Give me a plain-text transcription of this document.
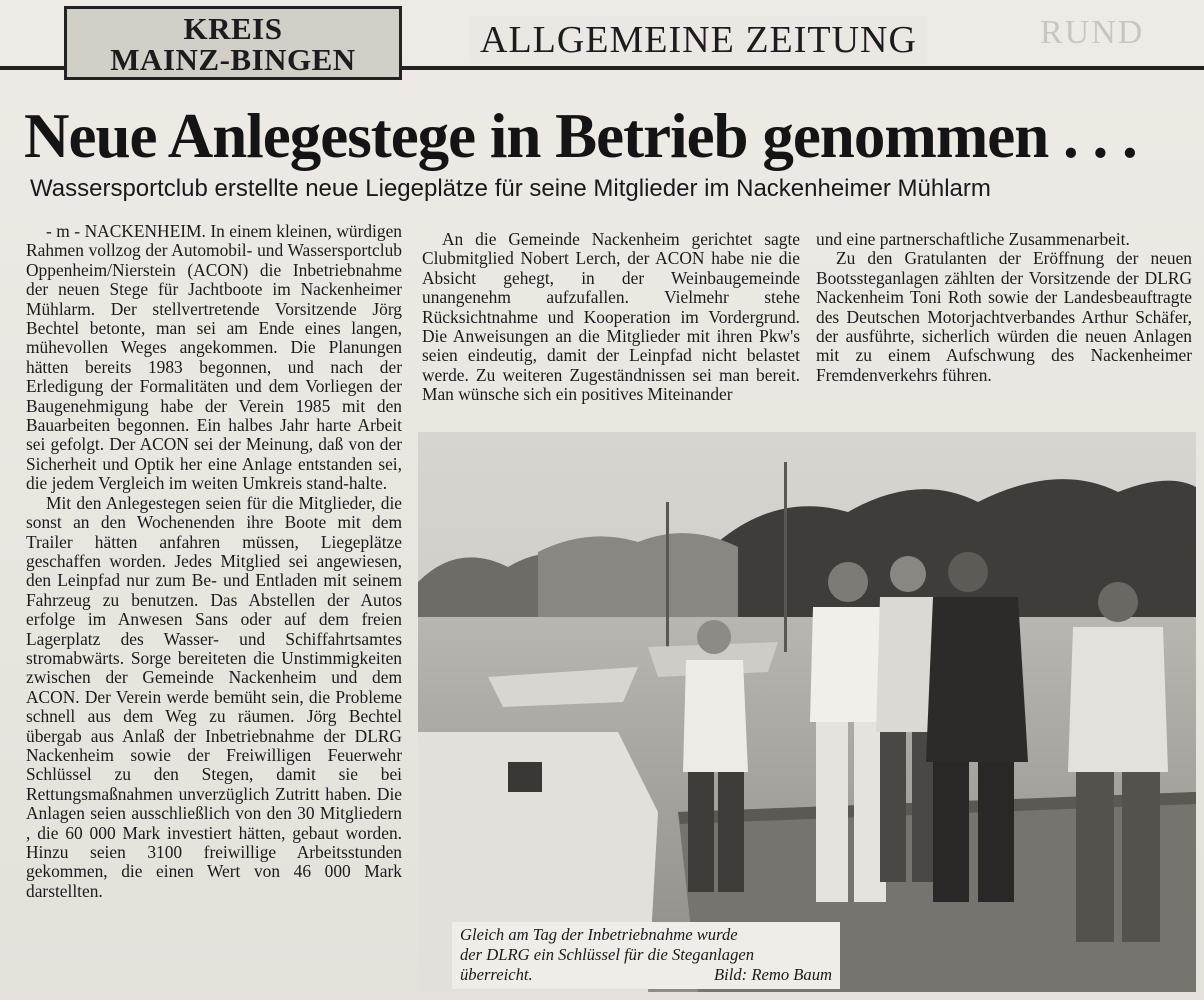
KREIS
MAINZ-BINGEN	ALLGEMEINE ZEITUNG	RUND
Neue Anlegestege in Betrieb genommen . . .
Wassersportclub erstellte neue Liegeplätze für seine Mitglieder im Nackenheimer Mühlarm

- m - NACKENHEIM. In einem kleinen, würdigen Rahmen vollzog der Automobil- und Wassersportclub Oppenheim/Nierstein (ACON) die Inbetriebnahme der neuen Stege für Jachtboote im Nackenheimer Mühlarm. Der stellvertretende Vorsitzende Jörg Bechtel betonte, man sei am Ende eines langen, mühevollen Weges angekommen. Die Planungen hätten bereits 1983 begonnen, und nach der Erledigung der Formalitäten und dem Vorliegen der Baugenehmigung habe der Verein 1985 mit den Bauarbeiten begonnen. Ein halbes Jahr harte Arbeit sei gefolgt. Der ACON sei der Meinung, daß von der Sicherheit und Optik her eine Anlage entstanden sei, die jedem Vergleich im weiten Umkreis stand-halte.

Mit den Anlegestegen seien für die Mitglieder, die sonst an den Wochenenden ihre Boote mit dem Trailer hätten anfahren müssen, Liegeplätze geschaffen worden. Jedes Mitglied sei angewiesen, den Leinpfad nur zum Be- und Entladen mit seinem Fahrzeug zu benutzen. Das Abstellen der Autos erfolge im Anwesen Sans oder auf dem freien Lagerplatz des Wasser- und Schiffahrtsamtes stromabwärts. Sorge bereiteten die Unstimmigkeiten zwischen der Gemeinde Nackenheim und dem ACON. Der Verein werde bemüht sein, die Probleme schnell aus dem Weg zu räumen. Jörg Bechtel übergab aus Anlaß der Inbetriebnahme der DLRG Nackenheim sowie der Freiwilligen Feuerwehr Schlüssel zu den Stegen, damit sie bei Rettungsmaßnahmen unverzüglich Zutritt haben. Die Anlagen seien ausschließlich von den 30 Mitgliedern , die 60 000 Mark investiert hätten, gebaut worden. Hinzu seien 3100 freiwillige Arbeitsstunden gekommen, die einen Wert von 46 000 Mark darstellten.

An die Gemeinde Nackenheim gerichtet sagte Clubmitglied Nobert Lerch, der ACON habe nie die Absicht gehegt, in der Weinbaugemeinde unangenehm aufzufallen. Vielmehr stehe Rücksichtnahme und Kooperation im Vordergrund. Die Anweisungen an die Mitglieder mit ihren Pkw's seien eindeutig, damit der Leinpfad nicht belastet werde. Zu weiteren Zugeständnissen sei man bereit. Man wünsche sich ein positives Miteinander

und eine partnerschaftliche Zusammenarbeit.

Zu den Gratulanten der Eröffnung der neuen Bootssteganlagen zählten der Vorsitzende der DLRG Nackenheim Toni Roth sowie der Landesbeauftragte des Deutschen Motorjachtverbandes Arthur Schäfer, der ausführte, sicherlich würden die neuen Anlagen mit zu einem Aufschwung des Nackenheimer Fremdenverkehrs führen.

Gleich am Tag der Inbetriebnahme wurde
der DLRG ein Schlüssel für die Steganlagen
überreicht.	Bild: Remo Baum
